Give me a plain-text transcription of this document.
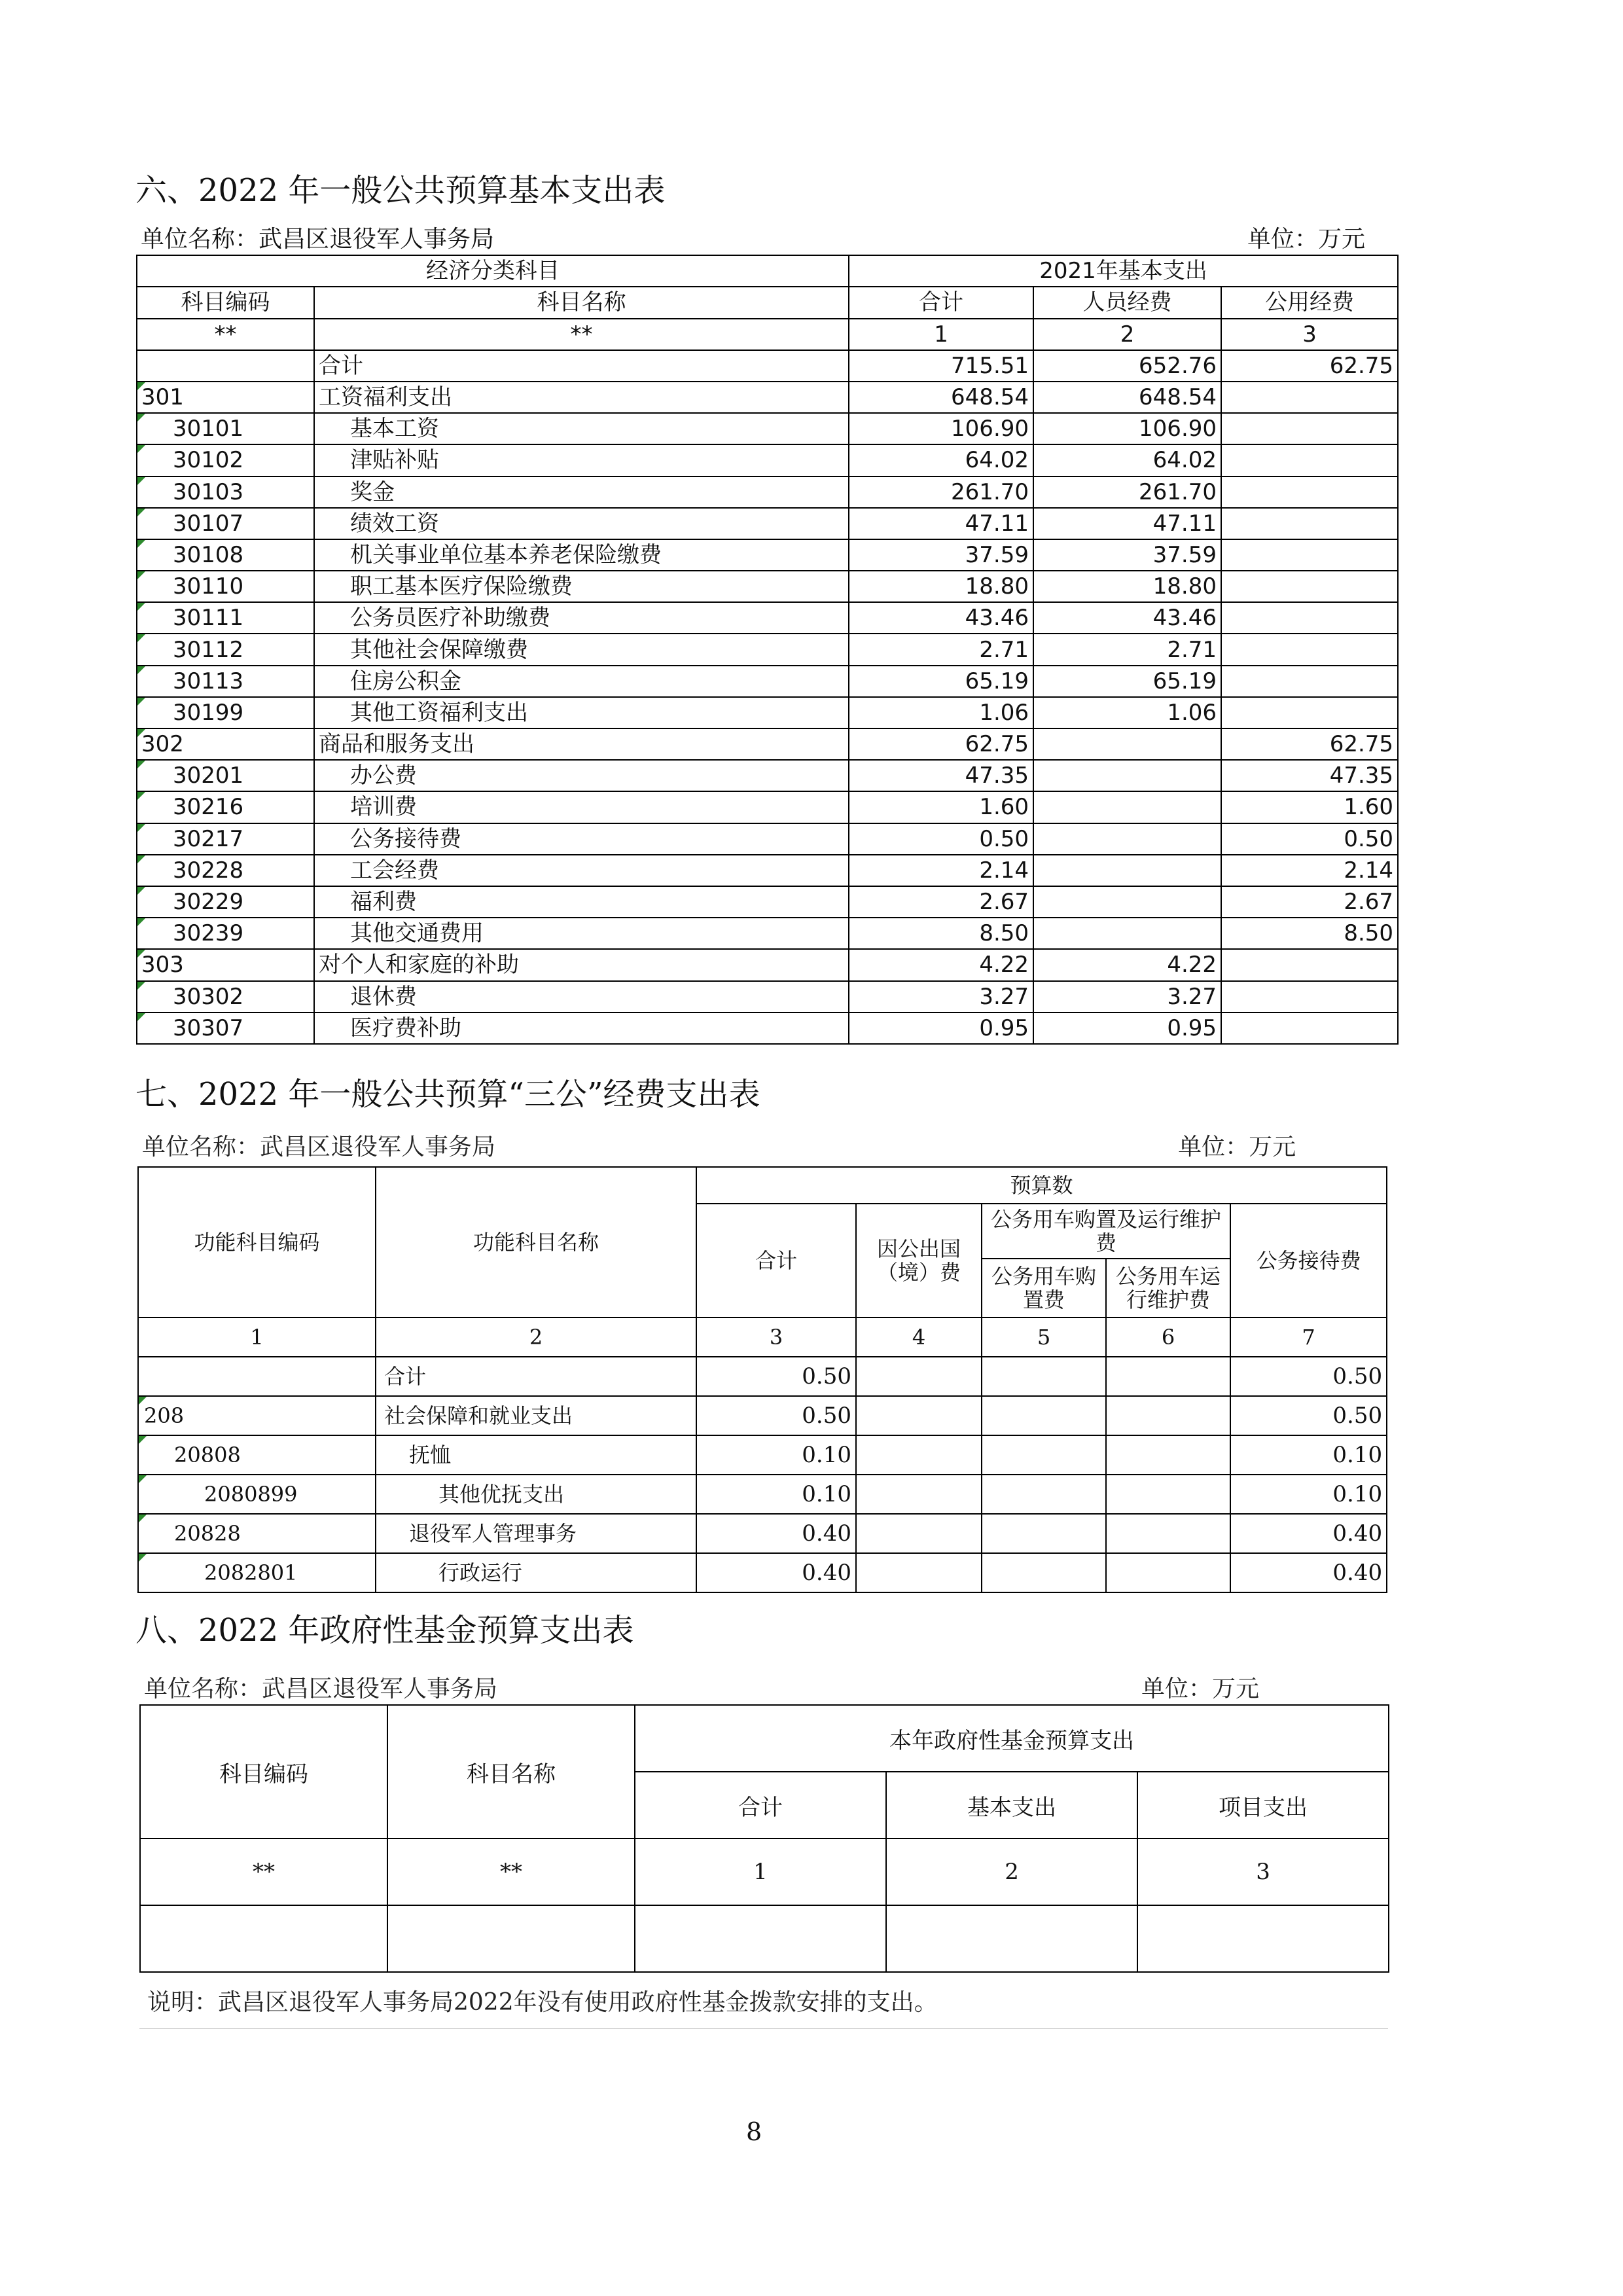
六、2022 年一般公共预算基本支出表
单位名称：武昌区退役军人事务局			单位：万元	
经济分类科目		2021年基本支出		
科目编码	科目名称	合计	人员经费	公用经费
**	**	1	2	3
	合计	715.51	652.76	62.75
301	工资福利支出	648.54	648.54	
30101	基本工资	106.90	106.90	
30102	津贴补贴	64.02	64.02	
30103	奖金	261.70	261.70	
30107	绩效工资	47.11	47.11	
30108	机关事业单位基本养老保险缴费	37.59	37.59	
30110	职工基本医疗保险缴费	18.80	18.80	
30111	公务员医疗补助缴费	43.46	43.46	
30112	其他社会保障缴费	2.71	2.71	
30113	住房公积金	65.19	65.19	
30199	其他工资福利支出	1.06	1.06	
302	商品和服务支出	62.75		62.75
30201	办公费	47.35		47.35
30216	培训费	1.60		1.60
30217	公务接待费	0.50		0.50
30228	工会经费	2.14		2.14
30229	福利费	2.67		2.67
30239	其他交通费用	8.50		8.50
303	对个人和家庭的补助	4.22	4.22	
30302	退休费	3.27	3.27	
30307	医疗费补助	0.95	0.95	
七、2022 年一般公共预算“三公”经费支出表
单位名称：武昌区退役军人事务局					单位：万元	
功能科目编码	功能科目名称	预算数				
		合计	因公出国（境）费	公务用车购置及运行维护费		公务接待费
				公务用车购置费	公务用车运行维护费	
1	2	3	4	5	6	7
	合计	0.50				0.50
208	社会保障和就业支出	0.50				0.50
20808	抚恤	0.10				0.10
2080899	其他优抚支出	0.10				0.10
20828	退役军人管理事务	0.40				0.40
2082801	行政运行	0.40				0.40
八、2022 年政府性基金预算支出表
单位名称：武昌区退役军人事务局				单位：万元
科目编码	科目名称	本年政府性基金预算支出		
		合计	基本支出	项目支出
**	**	1	2	3

说明：武昌区退役军人事务局2022年没有使用政府性基金拨款安排的支出。
8
